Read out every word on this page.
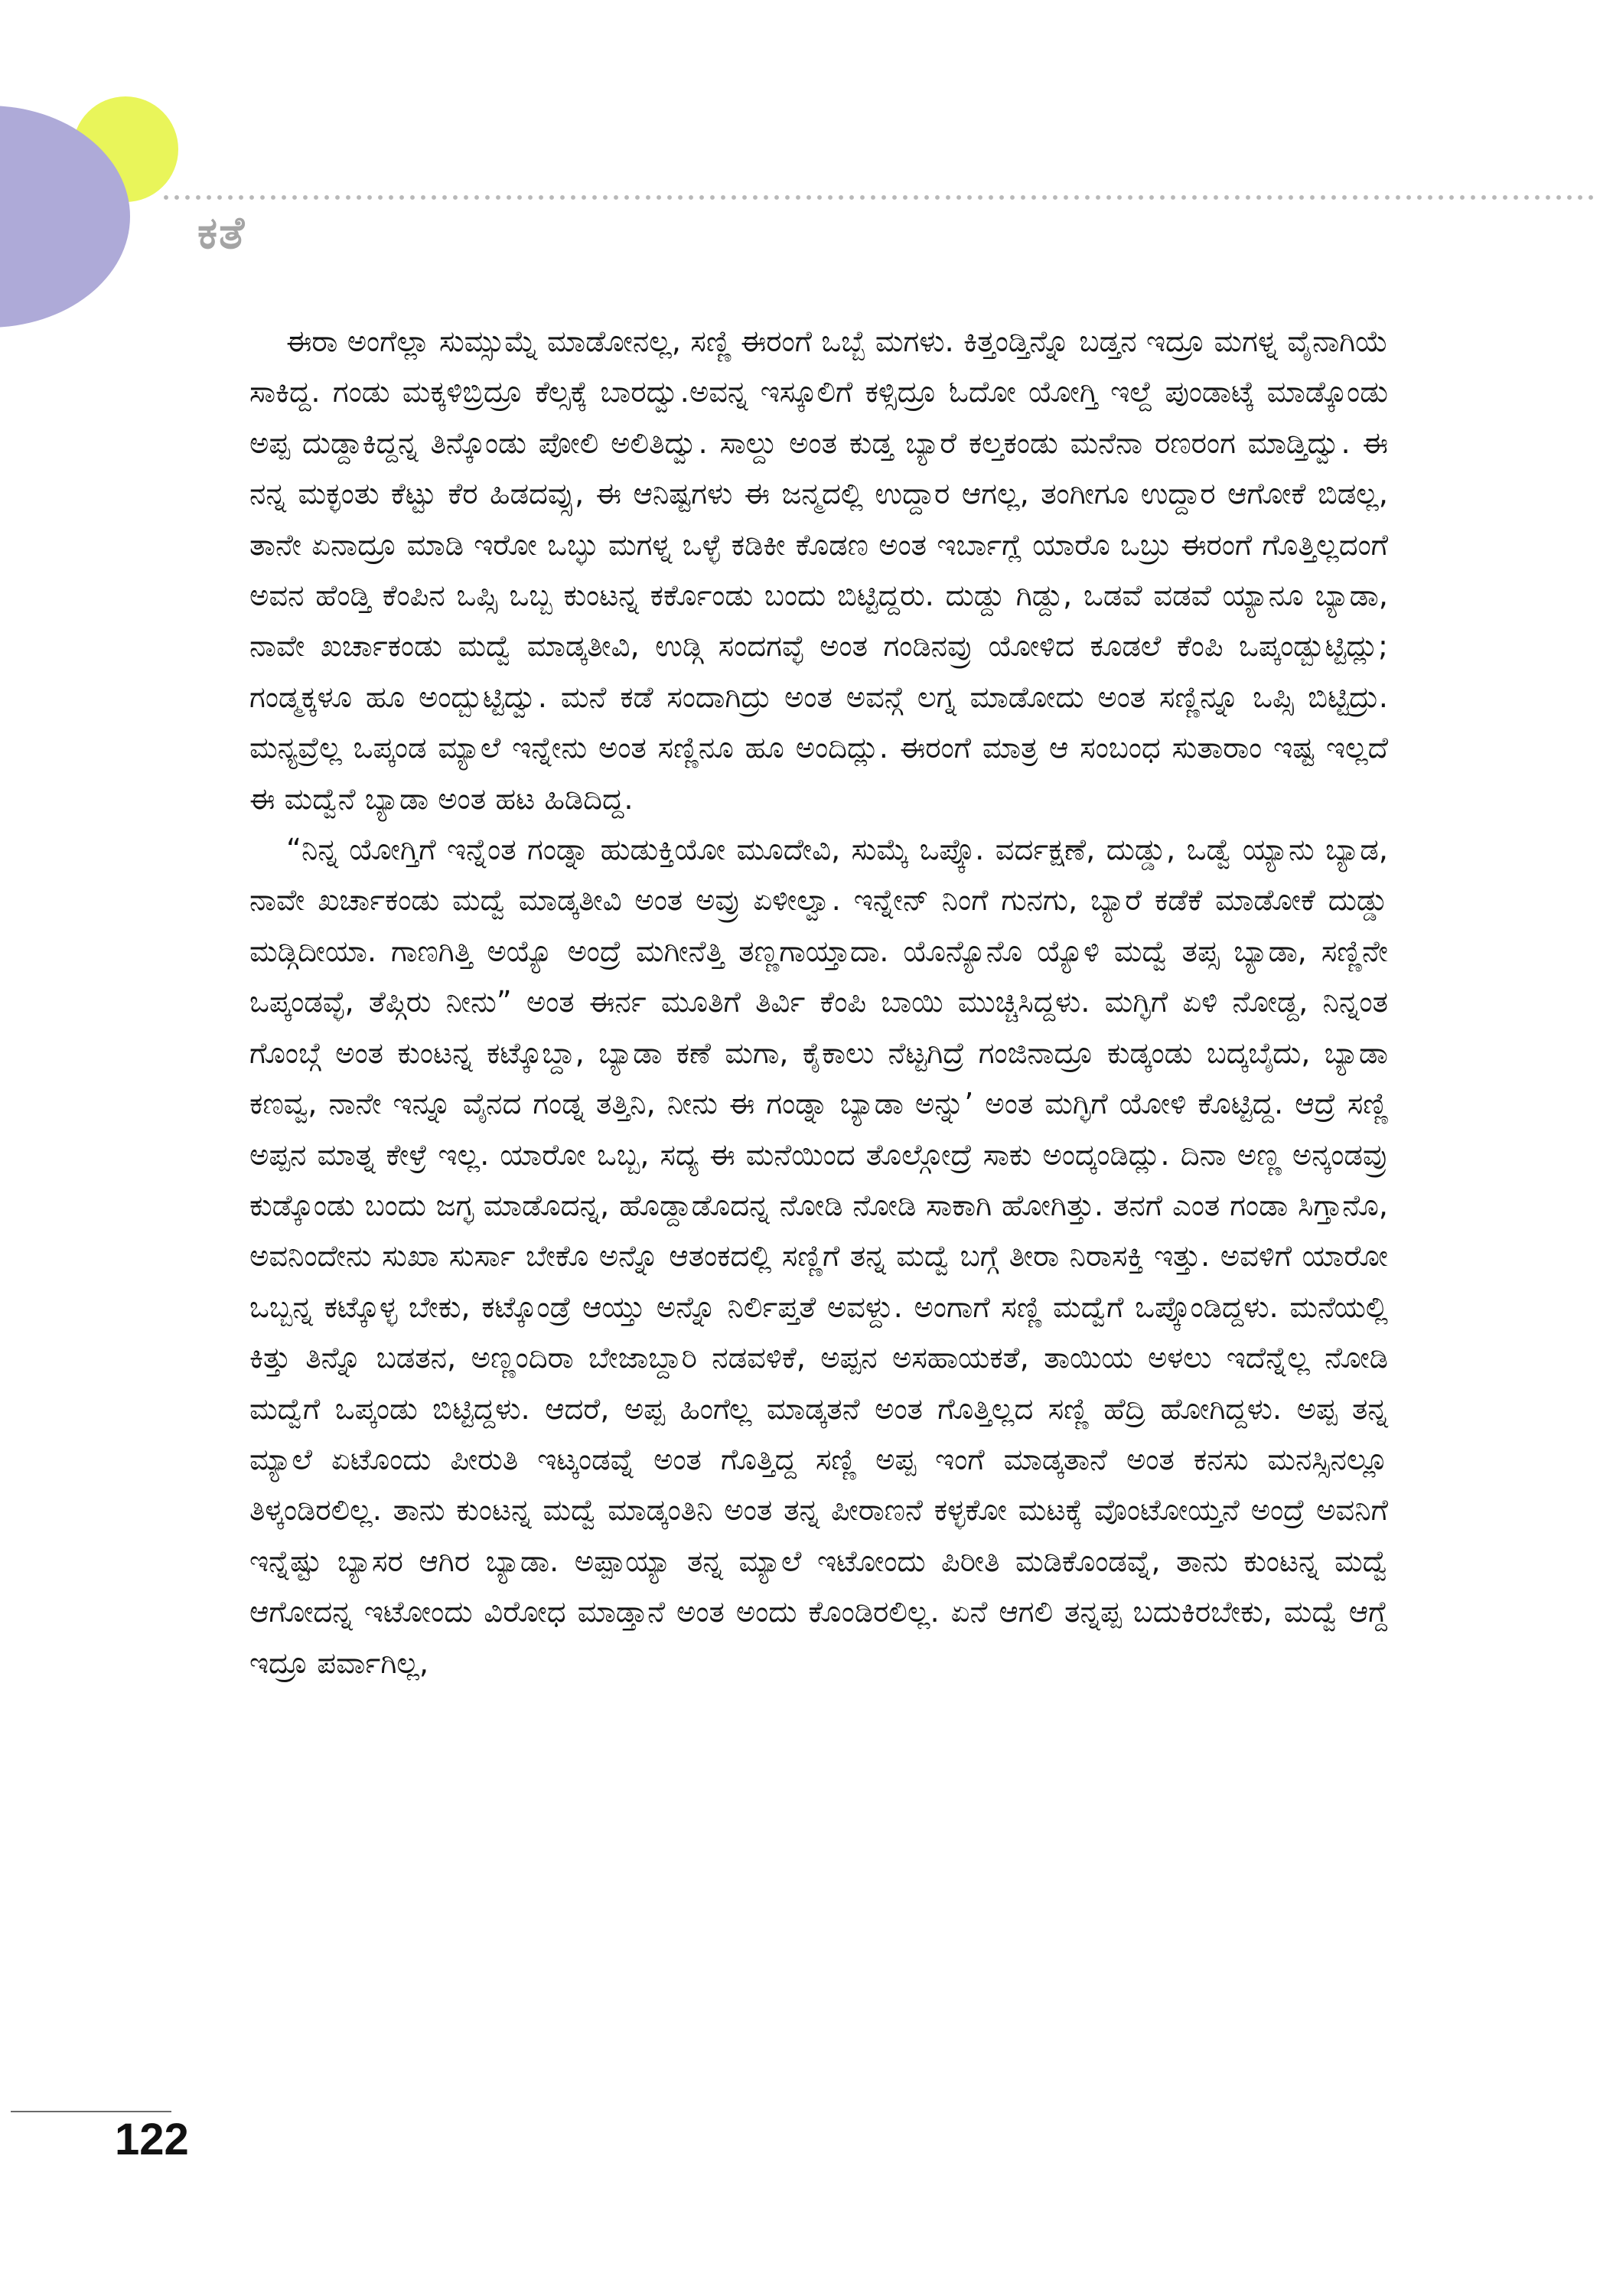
ಕತೆ

ಈರಾ ಅಂಗೆಲ್ಲಾ ಸುಮ್ಸುಮ್ನೆ ಮಾಡೋನಲ್ಲ, ಸಣ್ಣಿ ಈರಂಗೆ ಒಬ್ಬೆ ಮಗಳು. ಕಿತ್ತಂಡ್ತಿನ್ನೊ ಬಡ್ತನ ಇದ್ರೂ ಮಗಳ್ನ ವೈನಾಗಿಯೆ ಸಾಕಿದ್ದ. ಗಂಡು ಮಕ್ಕಳಿಬ್ರಿದ್ರೂ ಕೆಲ್ಸಕ್ಕೆ ಬಾರದ್ವು.ಅವನ್ನ ಇಸ್ಕೂಲಿಗೆ ಕಳ್ಸಿದ್ರೂ ಓದೋ ಯೋಗ್ತಿ ಇಲ್ದೆ ಪುಂಡಾಟ್ಕೆ ಮಾಡ್ಕೊಂಡು ಅಪ್ಪ ದುಡ್ದಾಕಿದ್ದನ್ನ ತಿನ್ಕೊಂಡು ಪೋಲಿ ಅಲಿತಿದ್ವು. ಸಾಲ್ದು ಅಂತ ಕುಡ್ತ ಬ್ಯಾರೆ ಕಲ್ತಕಂಡು ಮನೆನಾ ರಣರಂಗ ಮಾಡ್ತಿದ್ವು. ಈ ನನ್ನ ಮಕ್ಳಂತು ಕೆಟ್ಟು ಕೆರ ಹಿಡದವ್ಸು, ಈ ಆನಿಷ್ಟಗಳು ಈ ಜನ್ಮದಲ್ಲಿ ಉದ್ದಾರ ಆಗಲ್ಲ, ತಂಗೀಗೂ ಉದ್ದಾರ ಆಗೋಕೆ ಬಿಡಲ್ಲ, ತಾನೇ ಏನಾದ್ರೂ ಮಾಡಿ ಇರೋ ಒಬ್ಳು ಮಗಳ್ನ ಒಳ್ಳೆ ಕಡಿಕೀ ಕೊಡಣ ಅಂತ ಇರ್ಬಾಗ್ಲೆ ಯಾರೊ ಒಬ್ರು ಈರಂಗೆ ಗೊತ್ತಿಲ್ಲದಂಗೆ ಅವನ ಹೆಂಡ್ತಿ ಕೆಂಪಿನ ಒಪ್ಸಿ ಒಬ್ಬ ಕುಂಟನ್ನ ಕರ್ಕೊಂಡು ಬಂದು ಬಿಟ್ಟಿದ್ದರು. ದುಡ್ದು ಗಿಡ್ದು, ಒಡವೆ ವಡವೆ ಯ್ಯಾನೂ ಬ್ಯಾಡಾ, ನಾವೇ ಖರ್ಚಾಕಂಡು ಮದ್ವೆ ಮಾಡ್ಕತೀವಿ, ಉಡ್ಗಿ ಸಂದಗವ್ಳೆ ಅಂತ ಗಂಡಿನವ್ರು ಯೋಳಿದ ಕೂಡಲೆ ಕೆಂಪಿ ಒಪ್ಕಂಡ್ಬುಟ್ಟಿದ್ಲು; ಗಂಡ್ಮಕ್ಕಳೂ ಹೂ ಅಂದ್ಬುಟ್ಟಿದ್ವು. ಮನೆ ಕಡೆ ಸಂದಾಗಿದ್ರು ಅಂತ ಅವನ್ಗೆ ಲಗ್ನ ಮಾಡೋದು ಅಂತ ಸಣ್ಣಿನ್ನೂ ಒಪ್ಸಿ ಬಿಟ್ಟಿದ್ರು. ಮನ್ಯವ್ರೆಲ್ಲ ಒಪ್ಕಂಡ ಮ್ಯಾಲೆ ಇನ್ನೇನು ಅಂತ ಸಣ್ಣಿನೂ ಹೂ ಅಂದಿದ್ಲು. ಈರಂಗೆ ಮಾತ್ರ ಆ ಸಂಬಂಧ ಸುತಾರಾಂ ಇಷ್ಟ ಇಲ್ಲದೆ ಈ ಮದ್ವೆನೆ ಬ್ಯಾಡಾ ಅಂತ ಹಟ ಹಿಡಿದಿದ್ದ.

“ನಿನ್ನ ಯೋಗ್ತಿಗೆ ಇನ್ನೆಂತ ಗಂಡ್ನಾ ಹುಡುಕ್ತಿಯೋ ಮೂದೇವಿ, ಸುಮ್ಕೆ ಒಪ್ಕೊ. ವರ್ದಕ್ಷಣೆ, ದುಡ್ಡು, ಒಡ್ವೆ ಯ್ಯಾನು ಬ್ಯಾಡ, ನಾವೇ ಖರ್ಚಾಕಂಡು ಮದ್ವೆ ಮಾಡ್ಕತೀವಿ ಅಂತ ಅವ್ರು ಏಳೀಲ್ವಾ. ಇನ್ನೇನ್ ನಿಂಗೆ ಗುನಗು, ಬ್ಯಾರೆ ಕಡೆಕೆ ಮಾಡೋಕೆ ದುಡ್ಡು ಮಡ್ಗಿದೀಯಾ. ಗಾಣಗಿತ್ತಿ ಅಯ್ಯೊ ಅಂದ್ರೆ ಮಗೀನೆತ್ತಿ ತಣ್ಣಗಾಯ್ತಾದಾ. ಯೊನ್ಯೊನೊ ಯ್ಯೊಳಿ ಮದ್ವೆ ತಪ್ಸ ಬ್ಯಾಡಾ, ಸಣ್ಣಿನೇ ಒಪ್ಕಂಡವ್ಳೆ, ತೆಪ್ಗಿರು ನೀನು” ಅಂತ ಈರ್ನ ಮೂತಿಗೆ ತಿರ್ವಿ ಕೆಂಪಿ ಬಾಯಿ ಮುಚ್ಚಿಸಿದ್ದಳು. ಮಗ್ಳಿಗೆ ಏಳಿ ನೋಡ್ದ, ನಿನ್ನಂತ ಗೊಂಬ್ಗೆ ಅಂತ ಕುಂಟನ್ನ ಕಟ್ಕೊಬ್ದಾ, ಬ್ಯಾಡಾ ಕಣೆ ಮಗಾ, ಕೈಕಾಲು ನೆಟ್ಟಗಿದ್ರೆ ಗಂಜಿನಾದ್ರೂ ಕುಡ್ಕಂಡು ಬದ್ಕಬೈದು, ಬ್ಯಾಡಾ ಕಣವ್ವ, ನಾನೇ ಇನ್ನೂ ವೈನದ ಗಂಡ್ನ ತತ್ತಿನಿ, ನೀನು ಈ ಗಂಡ್ನಾ ಬ್ಯಾಡಾ ಅನ್ನು’ ಅಂತ ಮಗ್ಳಿಗೆ ಯೋಳಿ ಕೊಟ್ಟಿದ್ದ. ಆದ್ರೆ ಸಣ್ಣಿ ಅಪ್ಪನ ಮಾತ್ನ ಕೇಳ್ರೆ ಇಲ್ಲ. ಯಾರೋ ಒಬ್ಬ, ಸದ್ಯ ಈ ಮನೆಯಿಂದ ತೊಲ್ಗೋದ್ರೆ ಸಾಕು ಅಂದ್ಕಂಡಿದ್ಲು. ದಿನಾ ಅಣ್ಣ ಅನ್ಕಂಡವ್ರು ಕುಡ್ಕೊಂಡು ಬಂದು ಜಗ್ಳ ಮಾಡೊದನ್ನ, ಹೊಡ್ದಾಡೊದನ್ನ ನೋಡಿ ನೋಡಿ ಸಾಕಾಗಿ ಹೋಗಿತ್ತು. ತನಗೆ ಎಂತ ಗಂಡಾ ಸಿಗ್ತಾನೊ, ಅವನಿಂದೇನು ಸುಖಾ ಸುರ್ಸಾ ಬೇಕೊ ಅನ್ನೊ ಆತಂಕದಲ್ಲಿ ಸಣ್ಣಿಗೆ ತನ್ನ ಮದ್ವೆ ಬಗ್ಗೆ ತೀರಾ ನಿರಾಸಕ್ತಿ ಇತ್ತು. ಅವಳಿಗೆ ಯಾರೋ ಒಬ್ಬನ್ನ ಕಟ್ಕೊಳ್ಳ ಬೇಕು, ಕಟ್ಕೊಂಡ್ರೆ ಆಯ್ತು ಅನ್ನೊ ನಿರ್ಲಿಪ್ತತೆ ಅವಳ್ದು. ಅಂಗಾಗೆ ಸಣ್ಣಿ ಮದ್ವೆಗೆ ಒಪ್ಕೊಂಡಿದ್ದಳು. ಮನೆಯಲ್ಲಿ ಕಿತ್ತು ತಿನ್ನೊ ಬಡತನ, ಅಣ್ಣಂದಿರಾ ಬೇಜಾಬ್ದಾರಿ ನಡವಳಿಕೆ, ಅಪ್ಪನ ಅಸಹಾಯಕತೆ, ತಾಯಿಯ ಅಳಲು ಇದೆನ್ನೆಲ್ಲ ನೋಡಿ ಮದ್ವೆಗೆ ಒಪ್ಕಂಡು ಬಿಟ್ಟಿದ್ದಳು. ಆದರೆ, ಅಪ್ಪ ಹಿಂಗೆಲ್ಲ ಮಾಡ್ಕತನೆ ಅಂತ ಗೊತ್ತಿಲ್ಲದ ಸಣ್ಣಿ ಹೆದ್ರಿ ಹೋಗಿದ್ದಳು. ಅಪ್ಪ ತನ್ನ ಮ್ಯಾಲೆ ಏಟೊಂದು ಪೀರುತಿ ಇಟ್ಕಂಡವ್ನೆ ಅಂತ ಗೊತ್ತಿದ್ದ ಸಣ್ಣಿ ಅಪ್ಪ ಇಂಗೆ ಮಾಡ್ಕತಾನೆ ಅಂತ ಕನಸು ಮನಸ್ಸಿನಲ್ಲೂ ತಿಳ್ಕಂಡಿರಲಿಲ್ಲ. ತಾನು ಕುಂಟನ್ನ ಮದ್ವೆ ಮಾಡ್ಕಂತಿನಿ ಅಂತ ತನ್ನ ಪೀರಾಣನೆ ಕಳ್ಳಕೋ ಮಟಕ್ಕೆ ವೊಂಟೋಯ್ತನೆ ಅಂದ್ರೆ ಅವನಿಗೆ ಇನ್ನೆಷ್ಟು ಬ್ಯಾಸರ ಆಗಿರ ಬ್ಯಾಡಾ. ಅಪ್ಪಾಯ್ಯಾ ತನ್ನ ಮ್ಯಾಲೆ ಇಟೋಂದು ಪಿರೀತಿ ಮಡಿಕೊಂಡವ್ನೆ, ತಾನು ಕುಂಟನ್ನ ಮದ್ವೆ ಆಗೋದನ್ನ ಇಟೋಂದು ವಿರೋಧ ಮಾಡ್ತಾನೆ ಅಂತ ಅಂದು ಕೊಂಡಿರಲಿಲ್ಲ. ಏನೆ ಆಗಲಿ ತನ್ನಪ್ಪ ಬದುಕಿರಬೇಕು, ಮದ್ವೆ ಆಗ್ದೆ ಇದ್ರೂ ಪರ್ವಾಗಿಲ್ಲ,

122
